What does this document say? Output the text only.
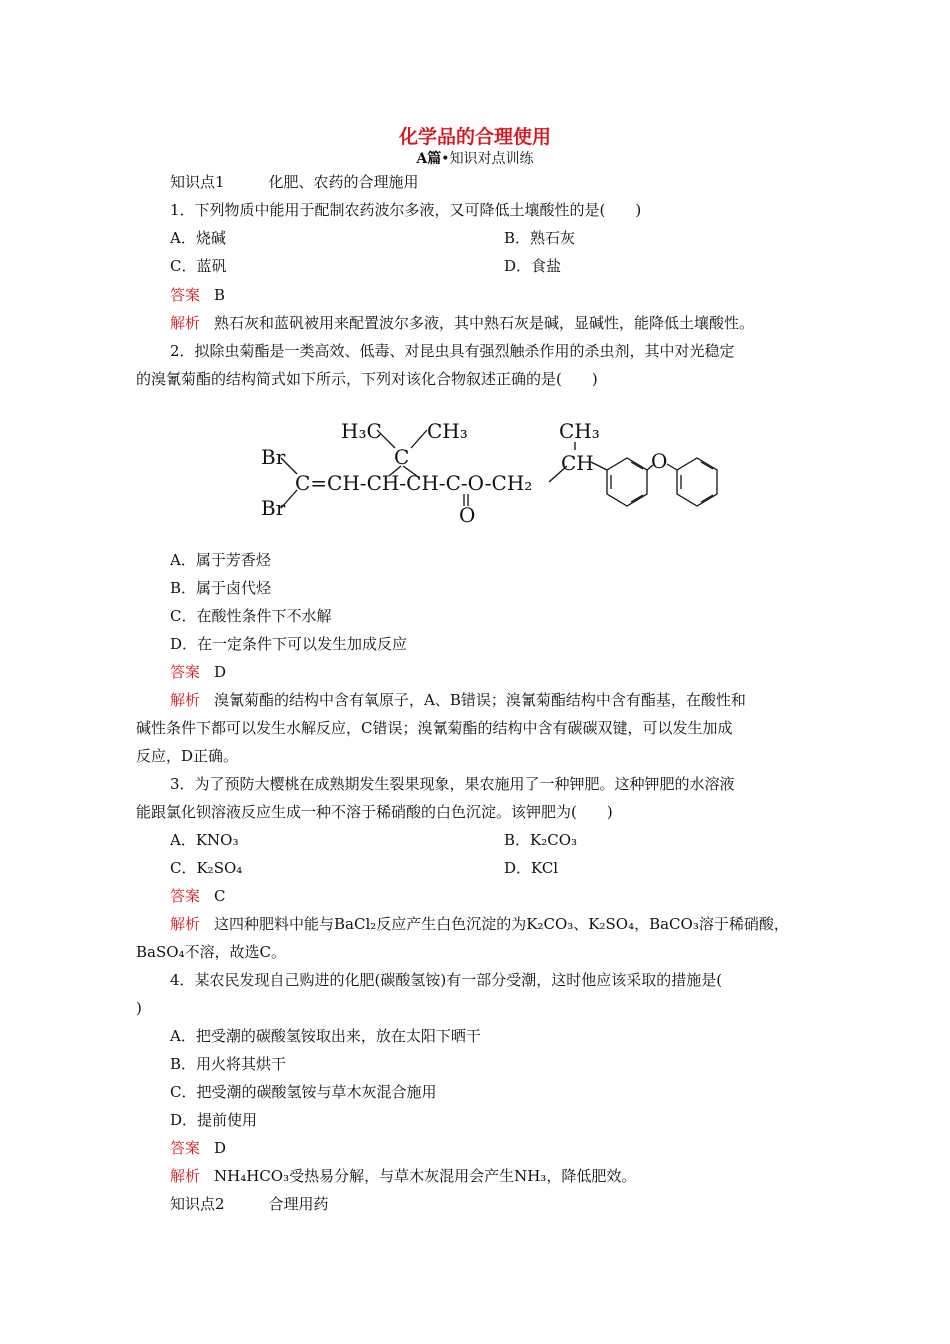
化学品的合理使用
A篇•知识对点训练
知识点1	化肥、农药的合理施用
1．下列物质中能用于配制农药波尔多液，又可降低土壤酸性的是(　　)
A．烧碱	B．熟石灰
C．蓝矾	D．食盐
答案 B
解析 熟石灰和蓝矾被用来配置波尔多液，其中熟石灰是碱，显碱性，能降低土壤酸性。
2．拟除虫菊酯是一类高效、低毒、对昆虫具有强烈触杀作用的杀虫剂，其中对光稳定
的溴氰菊酯的结构简式如下所示，下列对该化合物叙述正确的是(　　)
H₃C CH₃
C
Br
Br
C=CH-CH-CH-C-O-CH₂
O
CH₃
CH	O
A．属于芳香烃
B．属于卤代烃
C．在酸性条件下不水解
D．在一定条件下可以发生加成反应
答案 D
解析 溴氰菊酯的结构中含有氧原子，A、B错误；溴氰菊酯结构中含有酯基，在酸性和
碱性条件下都可以发生水解反应，C错误；溴氰菊酯的结构中含有碳碳双键，可以发生加成
反应，D正确。
3．为了预防大樱桃在成熟期发生裂果现象，果农施用了一种钾肥。这种钾肥的水溶液
能跟氯化钡溶液反应生成一种不溶于稀硝酸的白色沉淀。该钾肥为(　　)
A．KNO₃	B．K₂CO₃
C．K₂SO₄	D．KCl
答案 C
解析 这四种肥料中能与BaCl₂反应产生白色沉淀的为K₂CO₃、K₂SO₄，BaCO₃溶于稀硝酸，
BaSO₄不溶，故选C。
4．某农民发现自己购进的化肥(碳酸氢铵)有一部分受潮，这时他应该采取的措施是(
)
A．把受潮的碳酸氢铵取出来，放在太阳下晒干
B．用火将其烘干
C．把受潮的碳酸氢铵与草木灰混合施用
D．提前使用
答案 D
解析 NH₄HCO₃受热易分解，与草木灰混用会产生NH₃，降低肥效。
知识点2	合理用药
